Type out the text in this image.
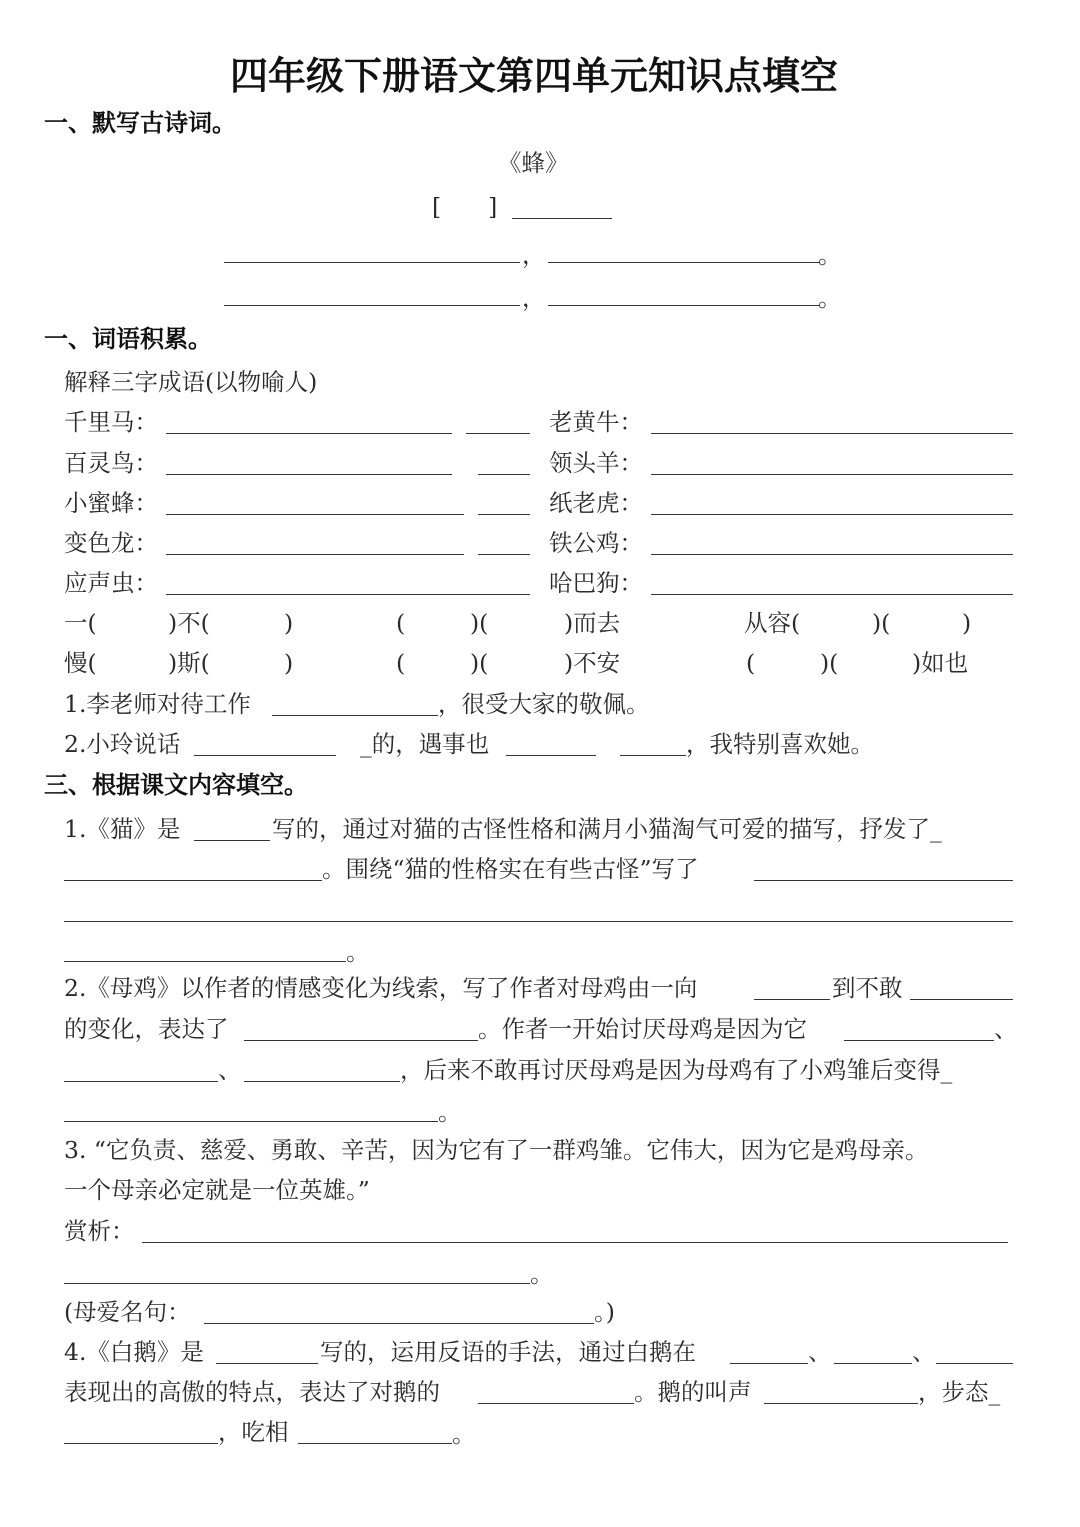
四年级下册语文第四单元知识点填空
一、默写古诗词。
《蜂》
[　　]
，	。
，	。
一、词语积累。
解释三字成语(以物喻人)
千里马：	老黄牛：
百灵鸟：	领头羊：
小蜜蜂：	纸老虎：
变色龙：	铁公鸡：
应声虫：	哈巴狗：
一(	)不(	)	(	)(	)而去	从容(	)(	)
慢(	)斯(	)	(	)(	)不安	(	)(	)如也
1.李老师对待工作	，很受大家的敬佩。
2.小玲说话	_的，遇事也	，我特别喜欢她。
三、根据课文内容填空。
1.《猫》是	写的，通过对猫的古怪性格和满月小猫淘气可爱的描写，抒发了_
。围绕“猫的性格实在有些古怪”写了
。
2.《母鸡》以作者的情感变化为线索，写了作者对母鸡由一向	到不敢
的变化，表达了	。作者一开始讨厌母鸡是因为它	、
、	，后来不敢再讨厌母鸡是因为母鸡有了小鸡雏后变得_
。
3. “它负责、慈爱、勇敢、辛苦，因为它有了一群鸡雏。它伟大，因为它是鸡母亲。
一个母亲必定就是一位英雄。”
赏析：
。
(母爱名句：	。)
4.《白鹅》是	写的，运用反语的手法，通过白鹅在	、	、
表现出的高傲的特点，表达了对鹅的	。鹅的叫声	，步态_
，吃相	。
